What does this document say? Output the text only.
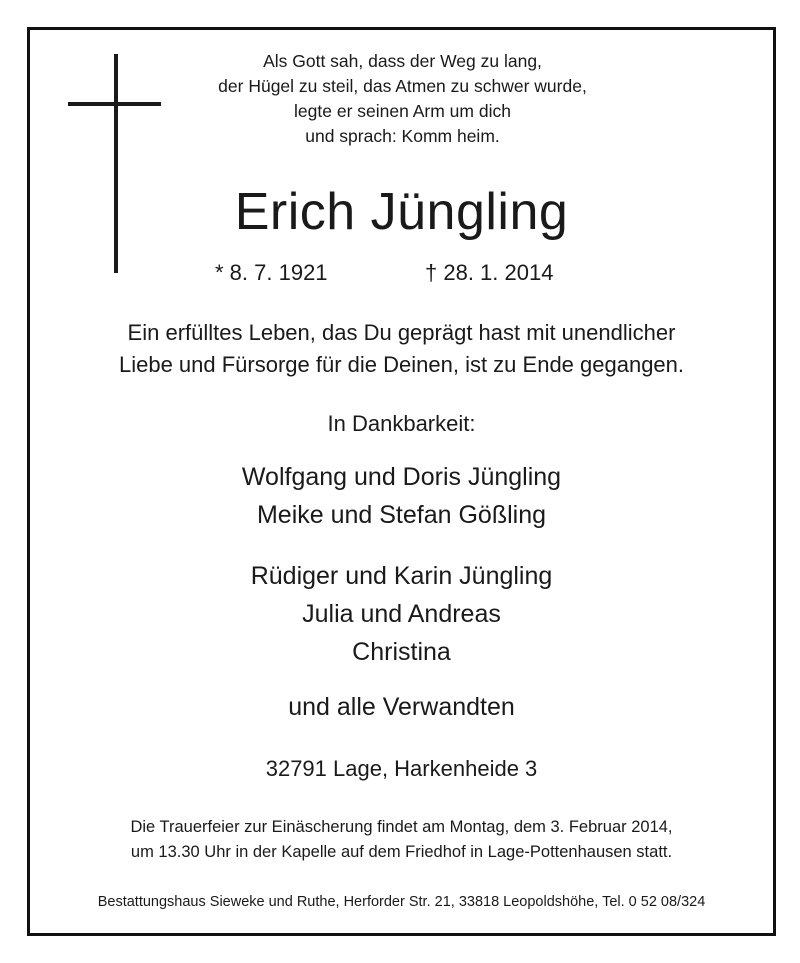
Als Gott sah, dass der Weg zu lang,
der Hügel zu steil, das Atmen zu schwer wurde,
legte er seinen Arm um dich
und sprach: Komm heim.
Erich Jüngling
* 8. 7. 1921	† 28. 1. 2014
Ein erfülltes Leben, das Du geprägt hast mit unendlicher
Liebe und Fürsorge für die Deinen, ist zu Ende gegangen.
In Dankbarkeit:
Wolfgang und Doris Jüngling
Meike und Stefan Gößling
Rüdiger und Karin Jüngling
Julia und Andreas
Christina
und alle Verwandten
32791 Lage, Harkenheide 3
Die Trauerfeier zur Einäscherung findet am Montag, dem 3. Februar 2014,
um 13.30 Uhr in der Kapelle auf dem Friedhof in Lage-Pottenhausen statt.
Bestattungshaus Sieweke und Ruthe, Herforder Str. 21, 33818 Leopoldshöhe, Tel. 0 52 08/324
